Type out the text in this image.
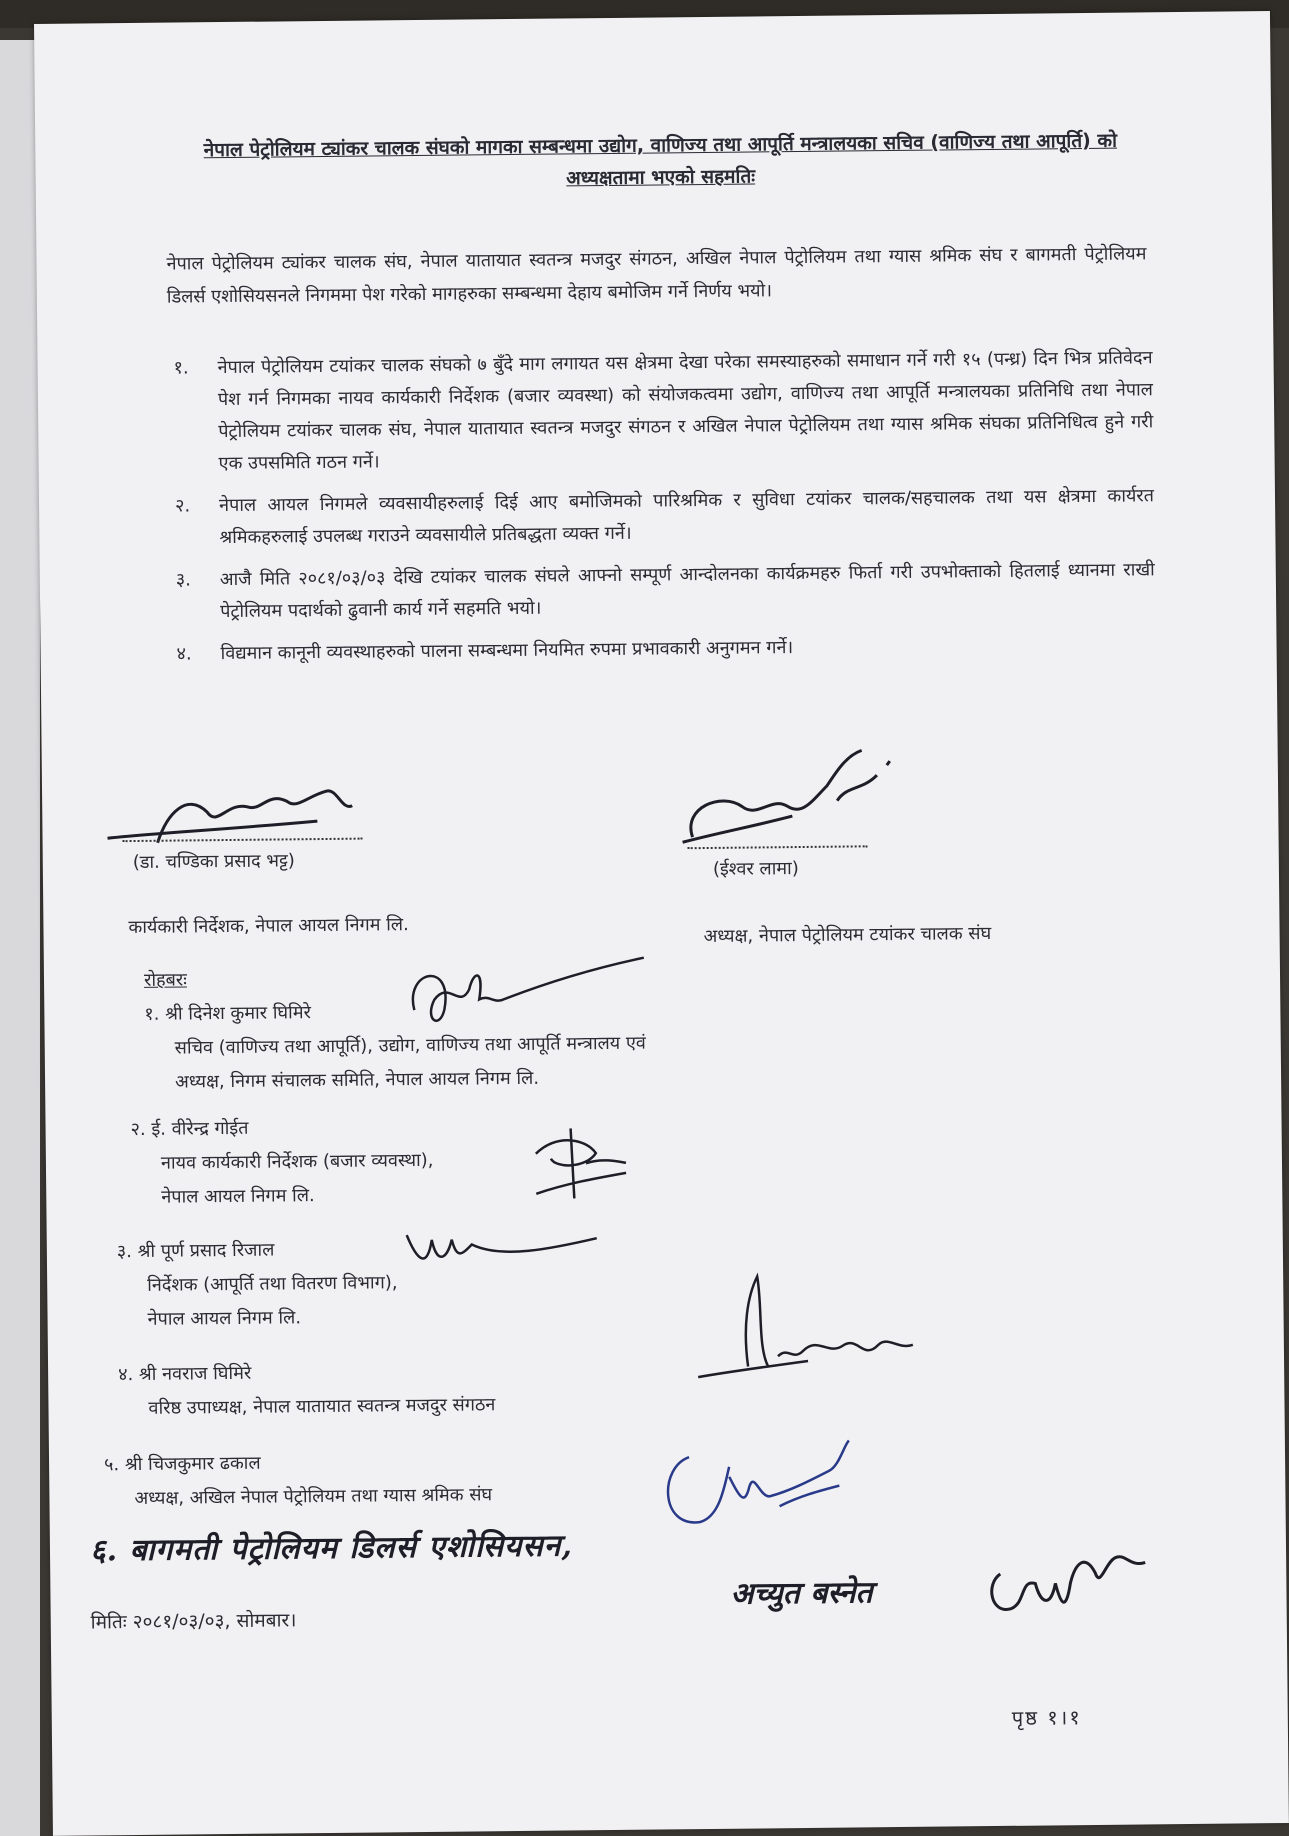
नेपाल पेट्रोलियम ट्यांकर चालक संघको मागका सम्बन्धमा उद्योग, वाणिज्य तथा आपूर्ति मन्त्रालयका सचिव (वाणिज्य तथा आपूर्ति) को अध्यक्षतामा भएको सहमतिः
नेपाल पेट्रोलियम ट्यांकर चालक संघ, नेपाल यातायात स्वतन्त्र मजदुर संगठन, अखिल नेपाल पेट्रोलियम तथा ग्यास श्रमिक संघ र बागमती पेट्रोलियम डिलर्स एशोसियसनले निगममा पेश गरेको मागहरुका सम्बन्धमा देहाय बमोजिम गर्ने निर्णय भयो।
१.	नेपाल पेट्रोलियम टयांकर चालक संघको ७ बुँदे माग लगायत यस क्षेत्रमा देखा परेका समस्याहरुको समाधान गर्ने गरी १५ (पन्ध्र) दिन भित्र प्रतिवेदन पेश गर्न निगमका नायव कार्यकारी निर्देशक (बजार व्यवस्था) को संयोजकत्वमा उद्योग, वाणिज्य तथा आपूर्ति मन्त्रालयका प्रतिनिधि तथा नेपाल पेट्रोलियम टयांकर चालक संघ, नेपाल यातायात स्वतन्त्र मजदुर संगठन र अखिल नेपाल पेट्रोलियम तथा ग्यास श्रमिक संघका प्रतिनिधित्व हुने गरी एक उपसमिति गठन गर्ने।
२.	नेपाल आयल निगमले व्यवसायीहरुलाई दिई आए बमोजिमको पारिश्रमिक र सुविधा टयांकर चालक/सहचालक तथा यस क्षेत्रमा कार्यरत श्रमिकहरुलाई उपलब्ध गराउने व्यवसायीले प्रतिबद्धता व्यक्त गर्ने।
३.	आजै मिति २०८१/०३/०३ देखि टयांकर चालक संघले आफ्नो सम्पूर्ण आन्दोलनका कार्यक्रमहरु फिर्ता गरी उपभोक्ताको हितलाई ध्यानमा राखी पेट्रोलियम पदार्थको ढुवानी कार्य गर्ने सहमति भयो।
४.	विद्यमान कानूनी व्यवस्थाहरुको पालना सम्बन्धमा नियमित रुपमा प्रभावकारी अनुगमन गर्ने।
(डा. चण्डिका प्रसाद भट्ट)
कार्यकारी निर्देशक, नेपाल आयल निगम लि.
(ईश्वर लामा)
अध्यक्ष, नेपाल पेट्रोलियम टयांकर चालक संघ
रोहबरः
१. श्री दिनेश कुमार घिमिरे
सचिव (वाणिज्य तथा आपूर्ति), उद्योग, वाणिज्य तथा आपूर्ति मन्त्रालय एवं
अध्यक्ष, निगम संचालक समिति, नेपाल आयल निगम लि.
२. ई. वीरेन्द्र गोईत
नायव कार्यकारी निर्देशक (बजार व्यवस्था),
नेपाल आयल निगम लि.
३. श्री पूर्ण प्रसाद रिजाल
निर्देशक (आपूर्ति तथा वितरण विभाग),
नेपाल आयल निगम लि.
४. श्री नवराज घिमिरे
वरिष्ठ उपाध्यक्ष, नेपाल यातायात स्वतन्त्र मजदुर संगठन
५. श्री चिजकुमार ढकाल
अध्यक्ष, अखिल नेपाल पेट्रोलियम तथा ग्यास श्रमिक संघ
६. बागमती पेट्रोलियम डिलर्स एशोसियसन,
अच्युत बस्नेत
मितिः २०८१/०३/०३, सोमबार।
पृष्ठ १।१
